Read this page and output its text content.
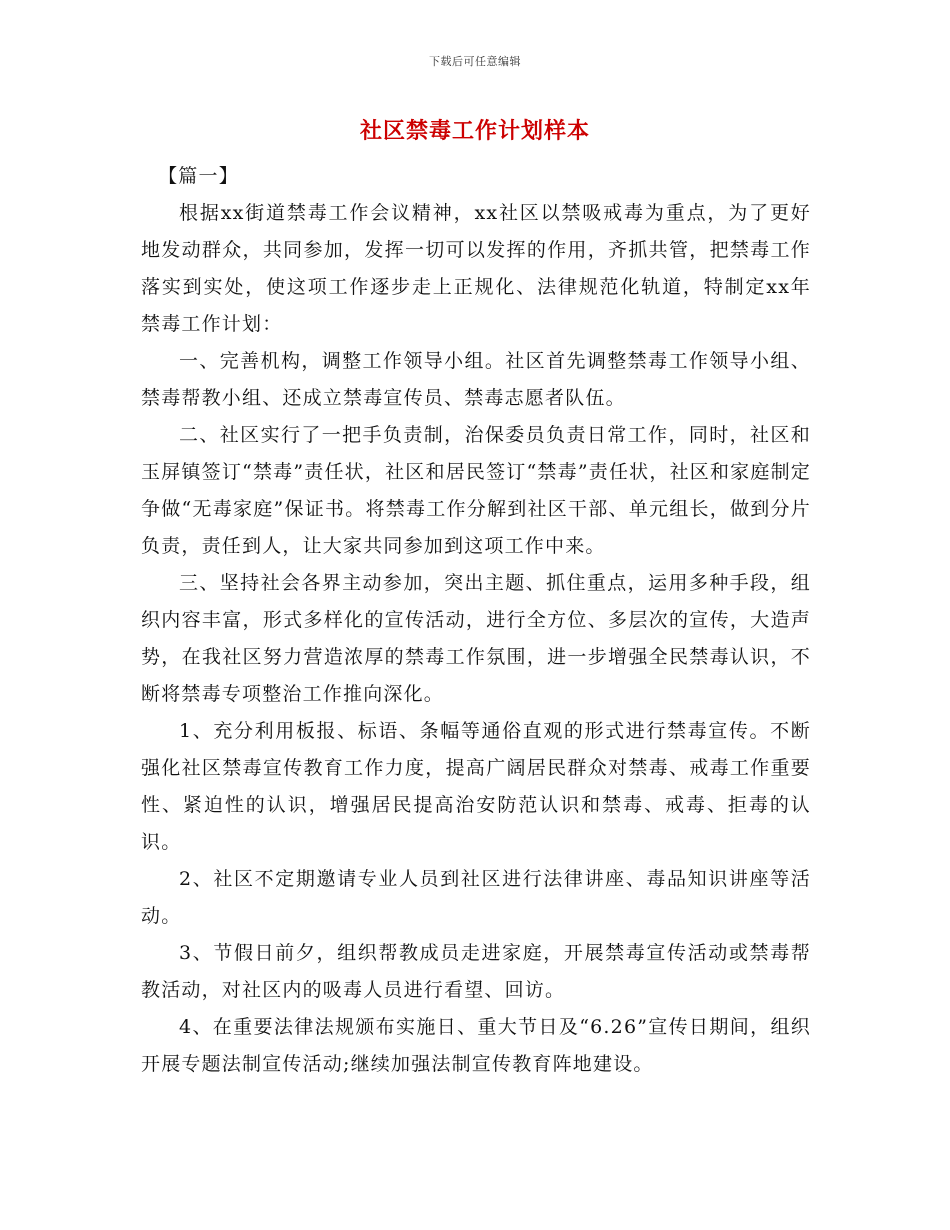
下载后可任意编辑
社区禁毒工作计划样本

【篇一】

根据xx街道禁毒工作会议精神，xx社区以禁吸戒毒为重点，为了更好地发动群众，共同参加，发挥一切可以发挥的作用，齐抓共管，把禁毒工作落实到实处，使这项工作逐步走上正规化、法律规范化轨道，特制定xx年禁毒工作计划：

一、完善机构，调整工作领导小组。社区首先调整禁毒工作领导小组、禁毒帮教小组、还成立禁毒宣传员、禁毒志愿者队伍。

二、社区实行了一把手负责制，治保委员负责日常工作，同时，社区和玉屏镇签订“禁毒”责任状，社区和居民签订“禁毒”责任状，社区和家庭制定争做“无毒家庭”保证书。将禁毒工作分解到社区干部、单元组长，做到分片负责，责任到人，让大家共同参加到这项工作中来。

三、坚持社会各界主动参加，突出主题、抓住重点，运用多种手段，组织内容丰富，形式多样化的宣传活动，进行全方位、多层次的宣传，大造声势，在我社区努力营造浓厚的禁毒工作氛围，进一步增强全民禁毒认识，不断将禁毒专项整治工作推向深化。

1、充分利用板报、标语、条幅等通俗直观的形式进行禁毒宣传。不断强化社区禁毒宣传教育工作力度，提高广阔居民群众对禁毒、戒毒工作重要性、紧迫性的认识，增强居民提高治安防范认识和禁毒、戒毒、拒毒的认识。

2、社区不定期邀请专业人员到社区进行法律讲座、毒品知识讲座等活动。

3、节假日前夕，组织帮教成员走进家庭，开展禁毒宣传活动或禁毒帮教活动，对社区内的吸毒人员进行看望、回访。

4、在重要法律法规颁布实施日、重大节日及“6.26”宣传日期间，组织开展专题法制宣传活动;继续加强法制宣传教育阵地建设。
